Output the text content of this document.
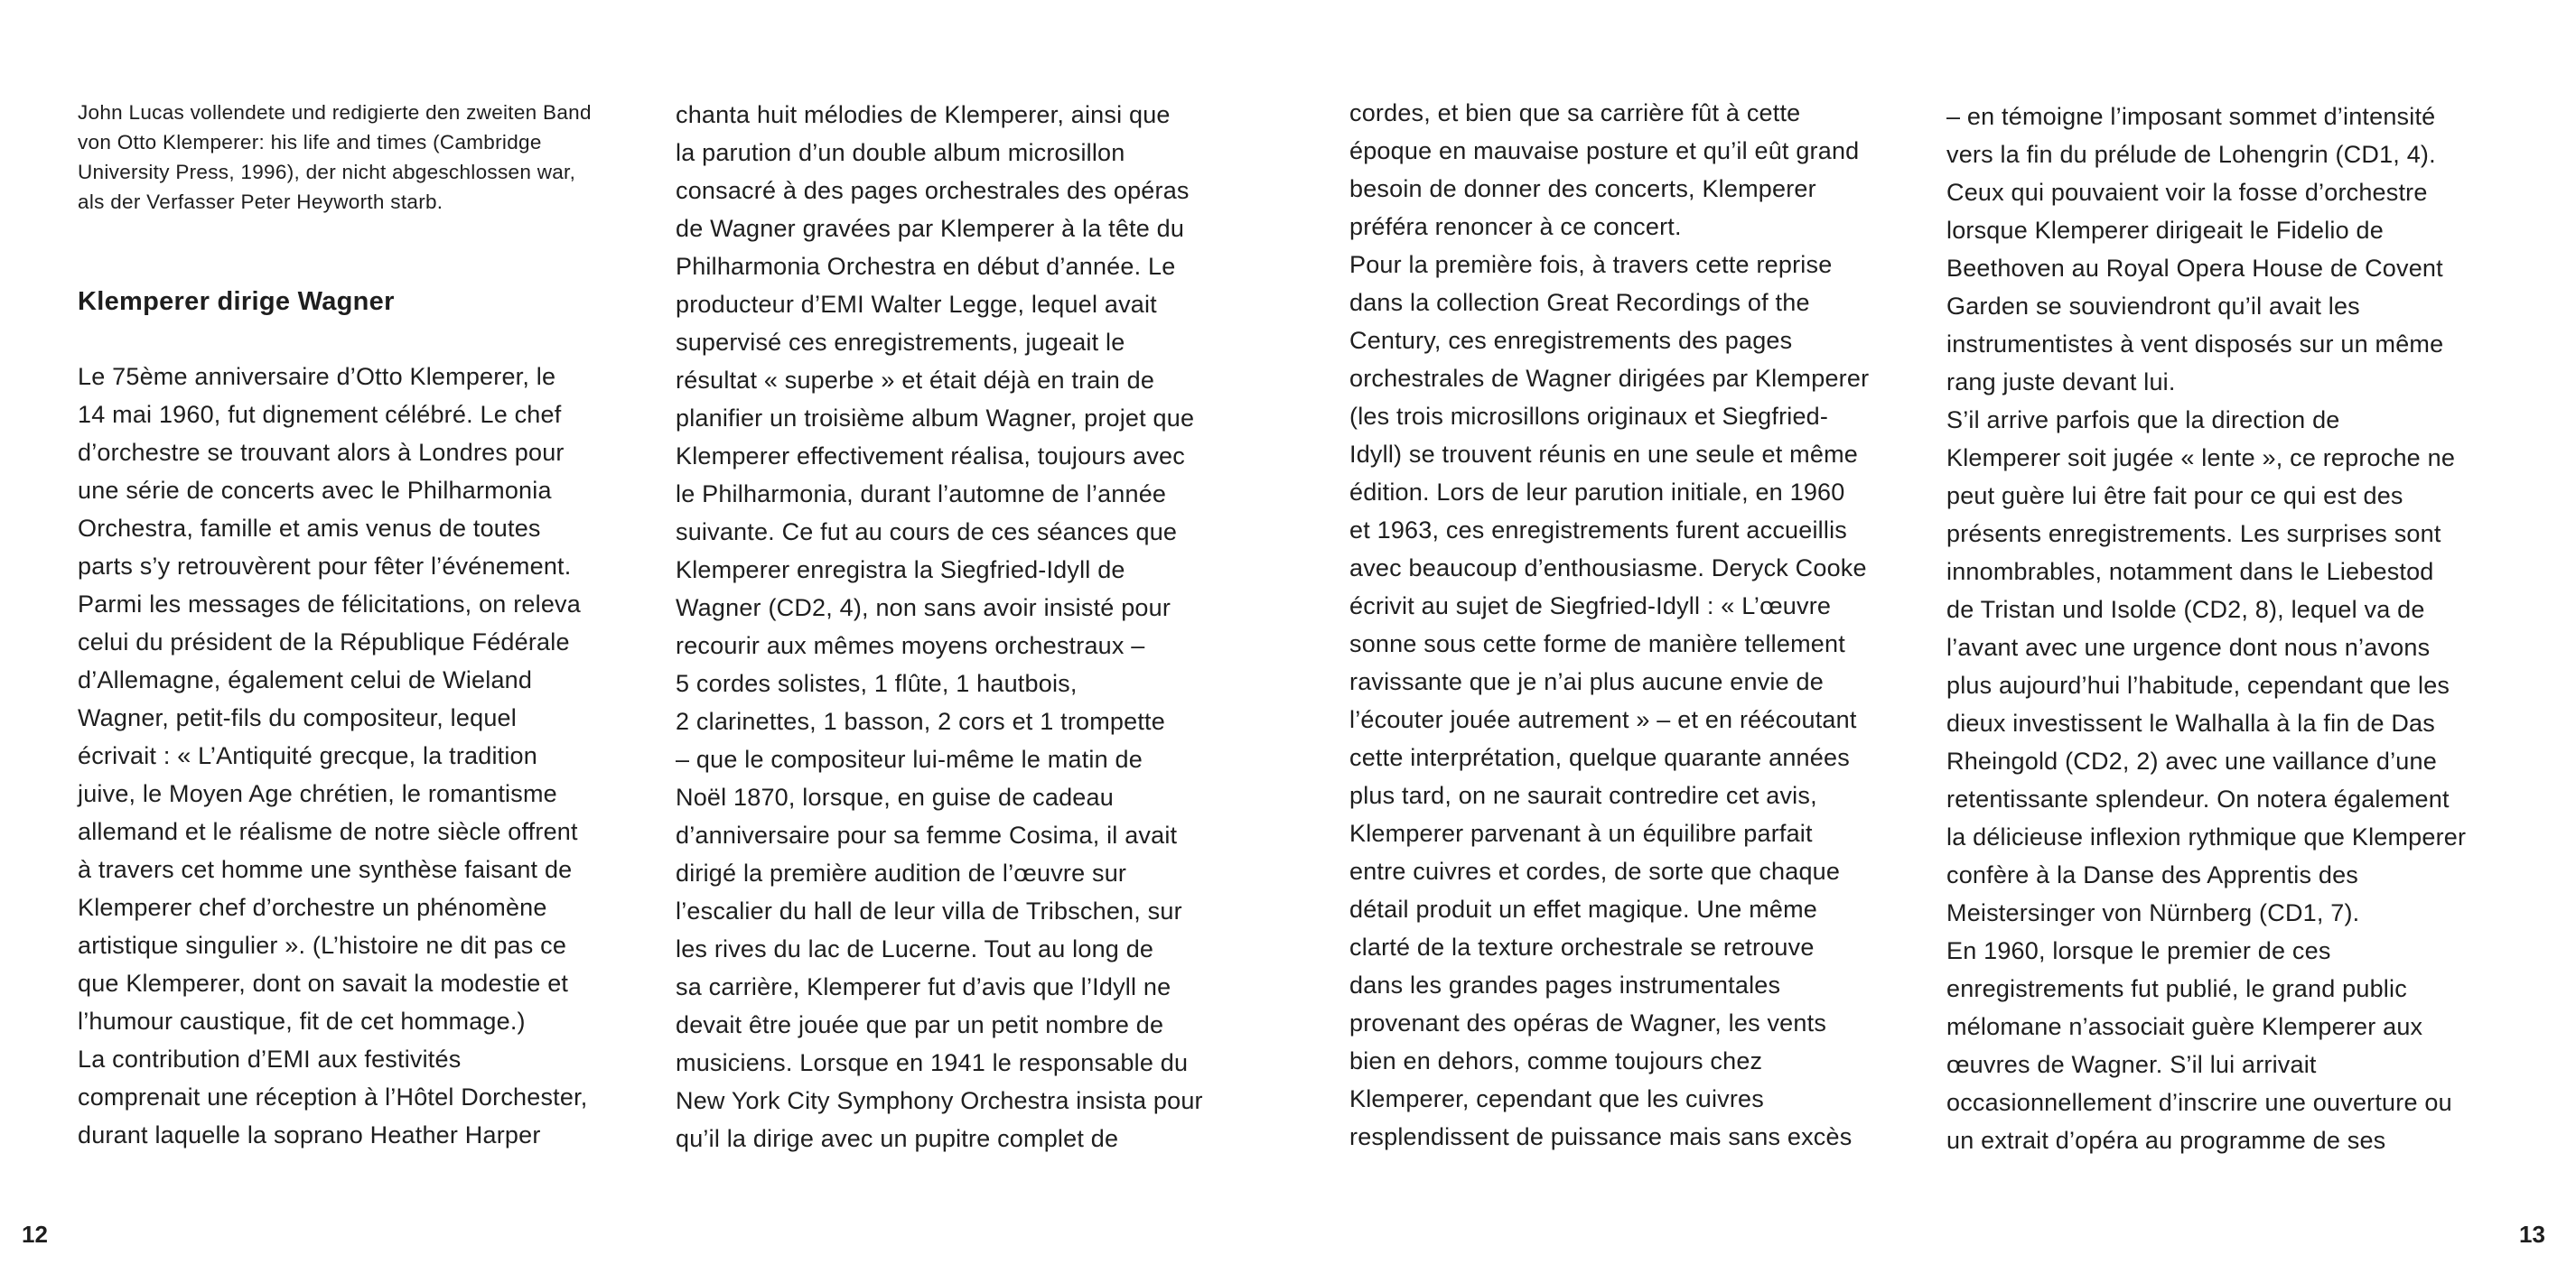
John Lucas vollendete und redigierte den zweiten Band
von Otto Klemperer: his life and times (Cambridge
University Press, 1996), der nicht abgeschlossen war,
als der Verfasser Peter Heyworth starb.
Klemperer dirige Wagner
Le 75ème anniversaire d’Otto Klemperer, le
14 mai 1960, fut dignement célébré. Le chef
d’orchestre se trouvant alors à Londres pour
une série de concerts avec le Philharmonia
Orchestra, famille et amis venus de toutes
parts s’y retrouvèrent pour fêter l’événement.
Parmi les messages de félicitations, on releva
celui du président de la République Fédérale
d’Allemagne, également celui de Wieland
Wagner, petit-fils du compositeur, lequel
écrivait : « L’Antiquité grecque, la tradition
juive, le Moyen Age chrétien, le romantisme
allemand et le réalisme de notre siècle offrent
à travers cet homme une synthèse faisant de
Klemperer chef d’orchestre un phénomène
artistique singulier ». (L’histoire ne dit pas ce
que Klemperer, dont on savait la modestie et
l’humour caustique, fit de cet hommage.)
La contribution d’EMI aux festivités
comprenait une réception à l’Hôtel Dorchester,
durant laquelle la soprano Heather Harper
chanta huit mélodies de Klemperer, ainsi que
la parution d’un double album microsillon
consacré à des pages orchestrales des opéras
de Wagner gravées par Klemperer à la tête du
Philharmonia Orchestra en début d’année. Le
producteur d’EMI Walter Legge, lequel avait
supervisé ces enregistrements, jugeait le
résultat « superbe » et était déjà en train de
planifier un troisième album Wagner, projet que
Klemperer effectivement réalisa, toujours avec
le Philharmonia, durant l’automne de l’année
suivante. Ce fut au cours de ces séances que
Klemperer enregistra la Siegfried-Idyll de
Wagner (CD2, 4), non sans avoir insisté pour
recourir aux mêmes moyens orchestraux –
5 cordes solistes, 1 flûte, 1 hautbois,
2 clarinettes, 1 basson, 2 cors et 1 trompette
– que le compositeur lui-même le matin de
Noël 1870, lorsque, en guise de cadeau
d’anniversaire pour sa femme Cosima, il avait
dirigé la première audition de l’œuvre sur
l’escalier du hall de leur villa de Tribschen, sur
les rives du lac de Lucerne. Tout au long de
sa carrière, Klemperer fut d’avis que l’Idyll ne
devait être jouée que par un petit nombre de
musiciens. Lorsque en 1941 le responsable du
New York City Symphony Orchestra insista pour
qu’il la dirige avec un pupitre complet de
cordes, et bien que sa carrière fût à cette
époque en mauvaise posture et qu’il eût grand
besoin de donner des concerts, Klemperer
préféra renoncer à ce concert.
Pour la première fois, à travers cette reprise
dans la collection Great Recordings of the
Century, ces enregistrements des pages
orchestrales de Wagner dirigées par Klemperer
(les trois microsillons originaux et Siegfried-
Idyll) se trouvent réunis en une seule et même
édition. Lors de leur parution initiale, en 1960
et 1963, ces enregistrements furent accueillis
avec beaucoup d’enthousiasme. Deryck Cooke
écrivit au sujet de Siegfried-Idyll : « L’œuvre
sonne sous cette forme de manière tellement
ravissante que je n’ai plus aucune envie de
l’écouter jouée autrement » – et en réécoutant
cette interprétation, quelque quarante années
plus tard, on ne saurait contredire cet avis,
Klemperer parvenant à un équilibre parfait
entre cuivres et cordes, de sorte que chaque
détail produit un effet magique. Une même
clarté de la texture orchestrale se retrouve
dans les grandes pages instrumentales
provenant des opéras de Wagner, les vents
bien en dehors, comme toujours chez
Klemperer, cependant que les cuivres
resplendissent de puissance mais sans excès
– en témoigne l’imposant sommet d’intensité
vers la fin du prélude de Lohengrin (CD1, 4).
Ceux qui pouvaient voir la fosse d’orchestre
lorsque Klemperer dirigeait le Fidelio de
Beethoven au Royal Opera House de Covent
Garden se souviendront qu’il avait les
instrumentistes à vent disposés sur un même
rang juste devant lui.
S’il arrive parfois que la direction de
Klemperer soit jugée « lente », ce reproche ne
peut guère lui être fait pour ce qui est des
présents enregistrements. Les surprises sont
innombrables, notamment dans le Liebestod
de Tristan und Isolde (CD2, 8), lequel va de
l’avant avec une urgence dont nous n’avons
plus aujourd’hui l’habitude, cependant que les
dieux investissent le Walhalla à la fin de Das
Rheingold (CD2, 2) avec une vaillance d’une
retentissante splendeur. On notera également
la délicieuse inflexion rythmique que Klemperer
confère à la Danse des Apprentis des
Meistersinger von Nürnberg (CD1, 7).
En 1960, lorsque le premier de ces
enregistrements fut publié, le grand public
mélomane n’associait guère Klemperer aux
œuvres de Wagner. S’il lui arrivait
occasionnellement d’inscrire une ouverture ou
un extrait d’opéra au programme de ses
12	13
